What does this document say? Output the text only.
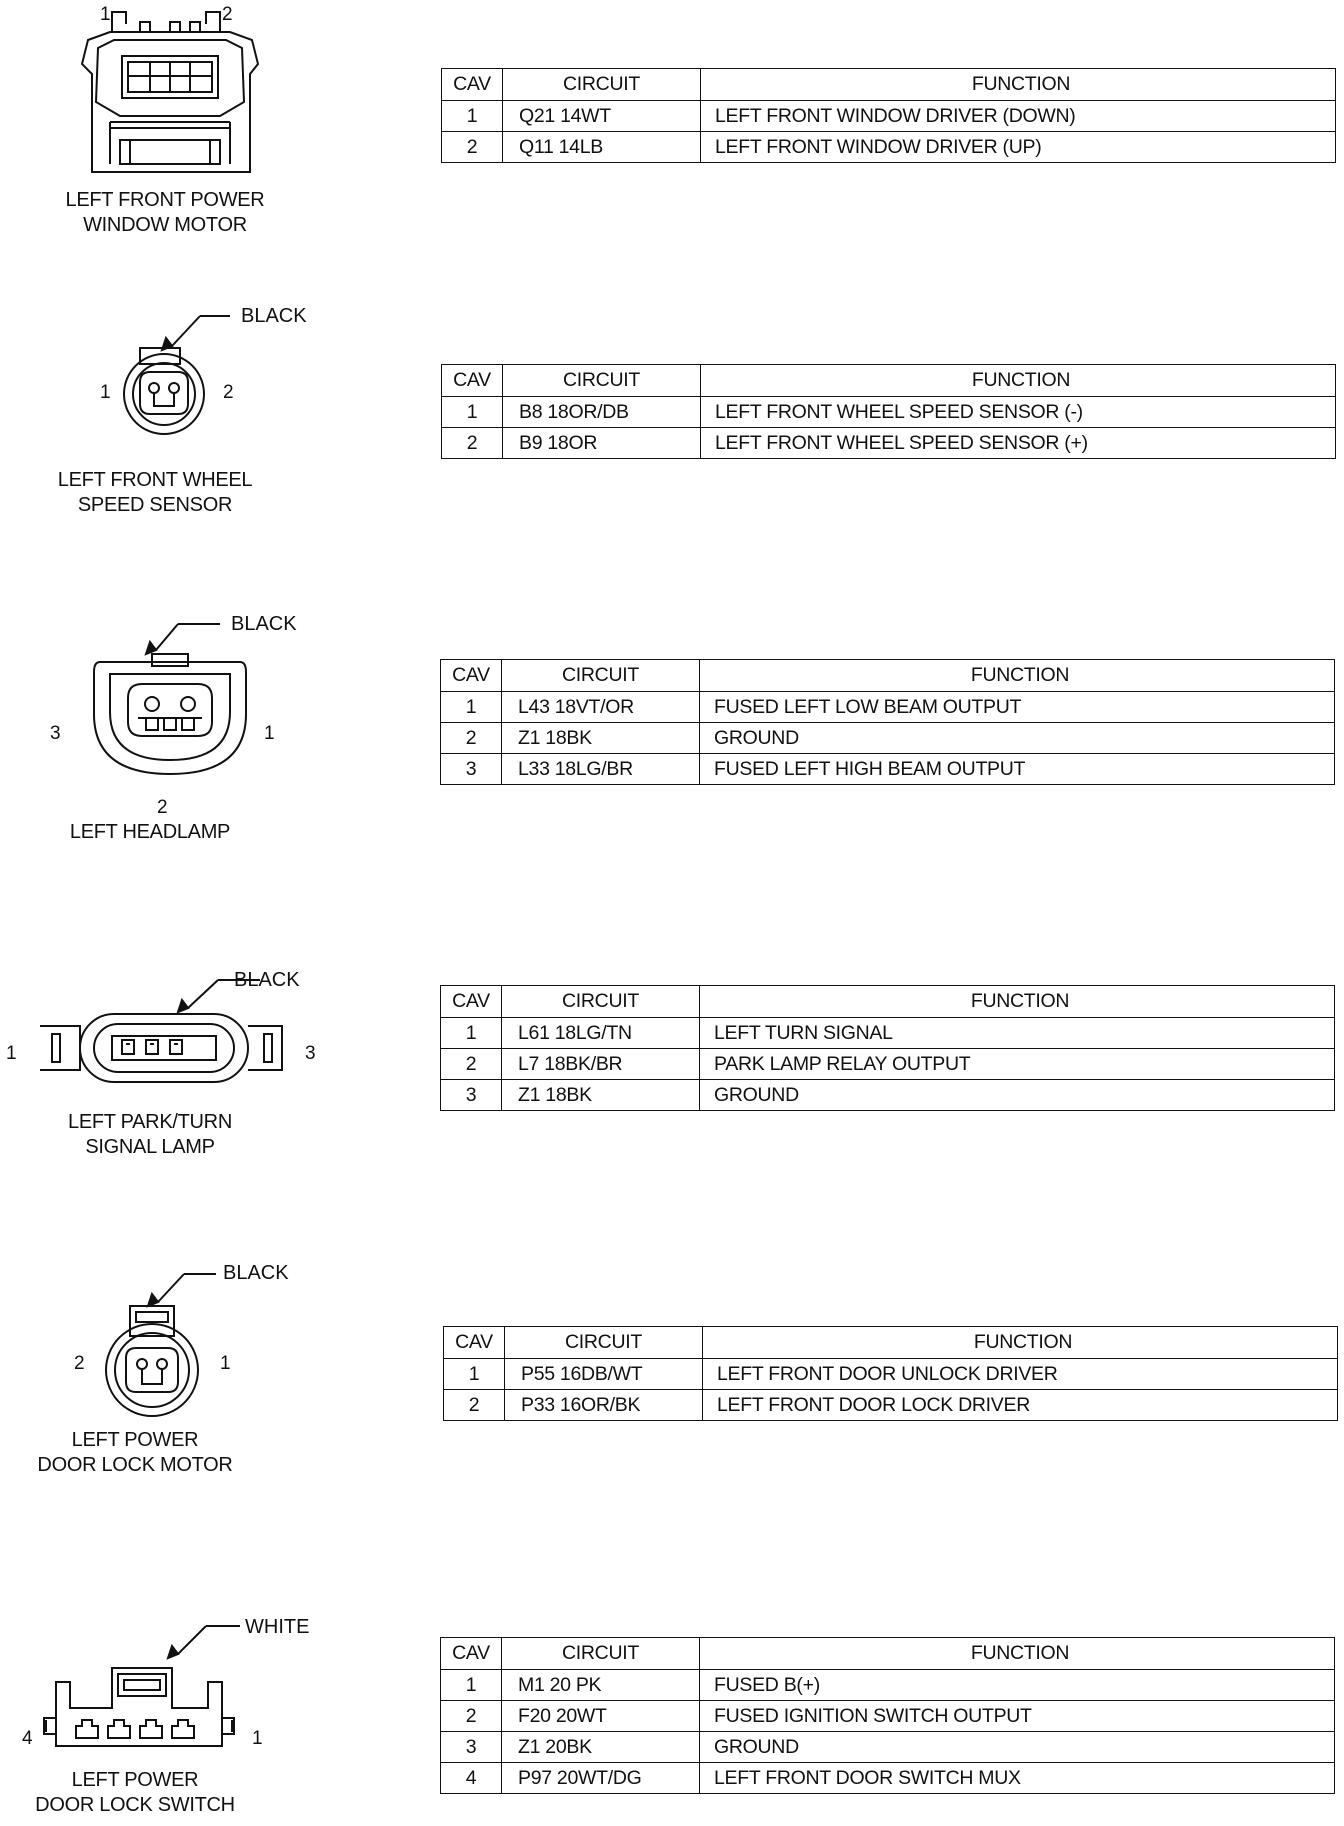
1	2
LEFT FRONT POWER
WINDOW MOTOR
CAV	CIRCUIT	FUNCTION
1	Q21 14WT	LEFT FRONT WINDOW DRIVER (DOWN)
2	Q11 14LB	LEFT FRONT WINDOW DRIVER (UP)
BLACK
1	2
LEFT FRONT WHEEL
SPEED SENSOR
CAV	CIRCUIT	FUNCTION
1	B8 18OR/DB	LEFT FRONT WHEEL SPEED SENSOR (-)
2	B9 18OR	LEFT FRONT WHEEL SPEED SENSOR (+)
BLACK
3	1
2
LEFT HEADLAMP
CAV	CIRCUIT	FUNCTION
1	L43 18VT/OR	FUSED LEFT LOW BEAM OUTPUT
2	Z1 18BK	GROUND
3	L33 18LG/BR	FUSED LEFT HIGH BEAM OUTPUT
BLACK
1	3
LEFT PARK/TURN
SIGNAL LAMP
CAV	CIRCUIT	FUNCTION
1	L61 18LG/TN	LEFT TURN SIGNAL
2	L7 18BK/BR	PARK LAMP RELAY OUTPUT
3	Z1 18BK	GROUND
BLACK
2	1
LEFT POWER
DOOR LOCK MOTOR
CAV	CIRCUIT	FUNCTION
1	P55 16DB/WT	LEFT FRONT DOOR UNLOCK DRIVER
2	P33 16OR/BK	LEFT FRONT DOOR LOCK DRIVER
WHITE
4	1
LEFT POWER
DOOR LOCK SWITCH
CAV	CIRCUIT	FUNCTION
1	M1 20 PK	FUSED B(+)
2	F20 20WT	FUSED IGNITION SWITCH OUTPUT
3	Z1 20BK	GROUND
4	P97 20WT/DG	LEFT FRONT DOOR SWITCH MUX
